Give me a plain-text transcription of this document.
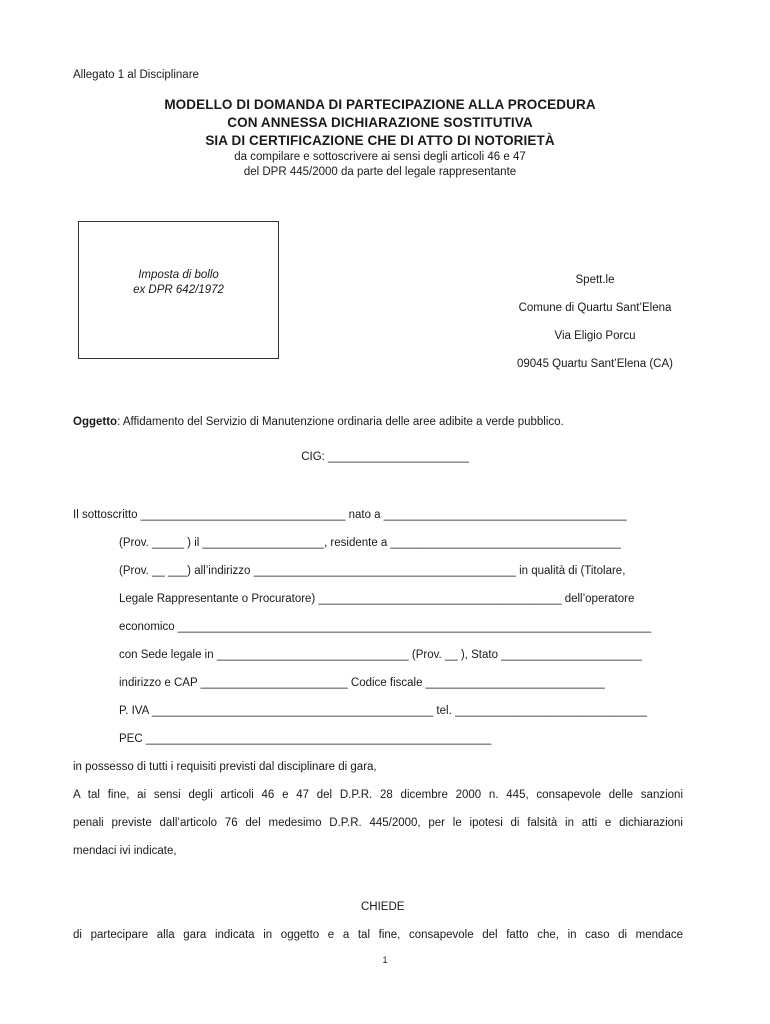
Allegato 1 al Disciplinare
MODELLO DI DOMANDA DI PARTECIPAZIONE ALLA PROCEDURA
CON ANNESSA DICHIARAZIONE SOSTITUTIVA
SIA DI CERTIFICAZIONE CHE DI ATTO DI NOTORIETÀ
da compilare e sottoscrivere ai sensi degli articoli 46 e 47
del DPR 445/2000 da parte del legale rappresentante
Imposta di bollo
ex DPR 642/1972
Spett.le
Comune di Quartu Sant’Elena
Via Eligio Porcu
09045 Quartu Sant’Elena (CA)
Oggetto: Affidamento del Servizio di Manutenzione ordinaria delle aree adibite a verde pubblico.
CIG: ______________________
Il sottoscritto ________________________________ nato a ______________________________________
(Prov. _____ ) il ___________________, residente a ____________________________________
(Prov. __ ___) all’indirizzo _________________________________________ in qualità di (Titolare,
Legale Rappresentante o Procuratore) ______________________________________ dell’operatore
economico __________________________________________________________________________
con Sede legale in ______________________________ (Prov. __ ), Stato ______________________
indirizzo e CAP _______________________ Codice fiscale ____________________________
P. IVA ____________________________________________ tel. ______________________________
PEC ______________________________________________________
in possesso di tutti i requisiti previsti dal disciplinare di gara,
A tal fine, ai sensi degli articoli 46 e 47 del D.P.R. 28 dicembre 2000 n. 445, consapevole delle sanzioni
penali previste dall’articolo 76 del medesimo D.P.R. 445/2000, per le ipotesi di falsità in atti e dichiarazioni
mendaci ivi indicate,
CHIEDE
di partecipare alla gara indicata in oggetto e a tal fine, consapevole del fatto che, in caso di mendace
1
